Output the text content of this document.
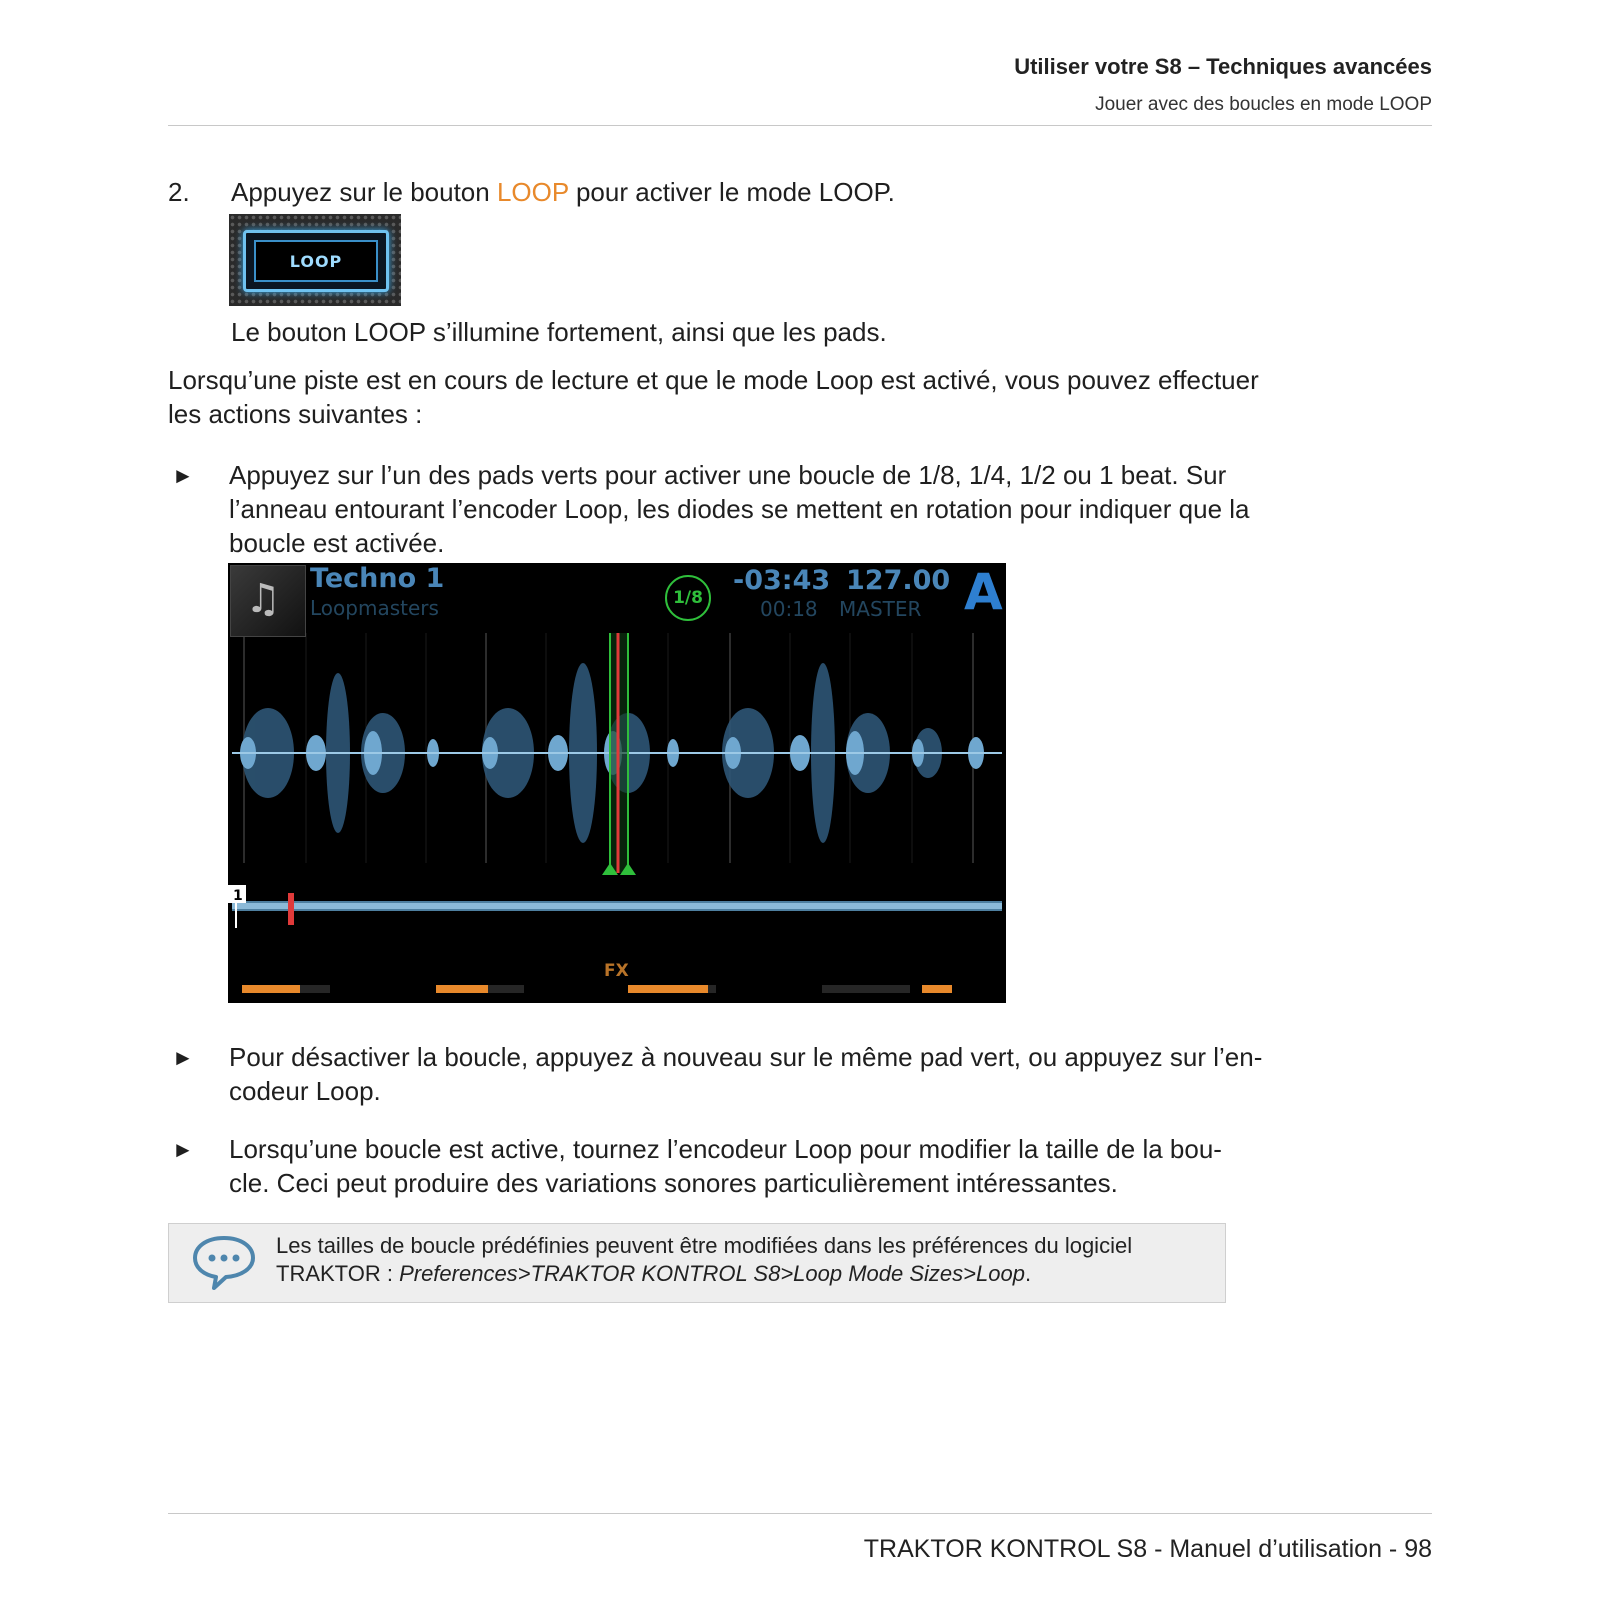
Utiliser votre S8 – Techniques avancées
Jouer avec des boucles en mode LOOP
2. Appuyez sur le bouton LOOP pour activer le mode LOOP.
LOOP
Le bouton LOOP s’illumine fortement, ainsi que les pads.
Lorsqu’une piste est en cours de lecture et que le mode Loop est activé, vous pouvez effectuer
les actions suivantes :
► Appuyez sur l’un des pads verts pour activer une boucle de 1/8, 1/4, 1/2 ou 1 beat. Sur
l’anneau entourant l’encoder Loop, les diodes se mettent en rotation pour indiquer que la
boucle est activée.
1
♫ Techno 1
Loopmasters	1/8
-03:43 127.00
00:18 MASTER A
FX
► Pour désactiver la boucle, appuyez à nouveau sur le même pad vert, ou appuyez sur l’en-
codeur Loop.
► Lorsqu’une boucle est active, tournez l’encodeur Loop pour modifier la taille de la bou-
cle. Ceci peut produire des variations sonores particulièrement intéressantes.
Les tailles de boucle prédéfinies peuvent être modifiées dans les préférences du logiciel
TRAKTOR : Preferences>TRAKTOR KONTROL S8>Loop Mode Sizes>Loop.
TRAKTOR KONTROL S8 - Manuel d’utilisation - 98
